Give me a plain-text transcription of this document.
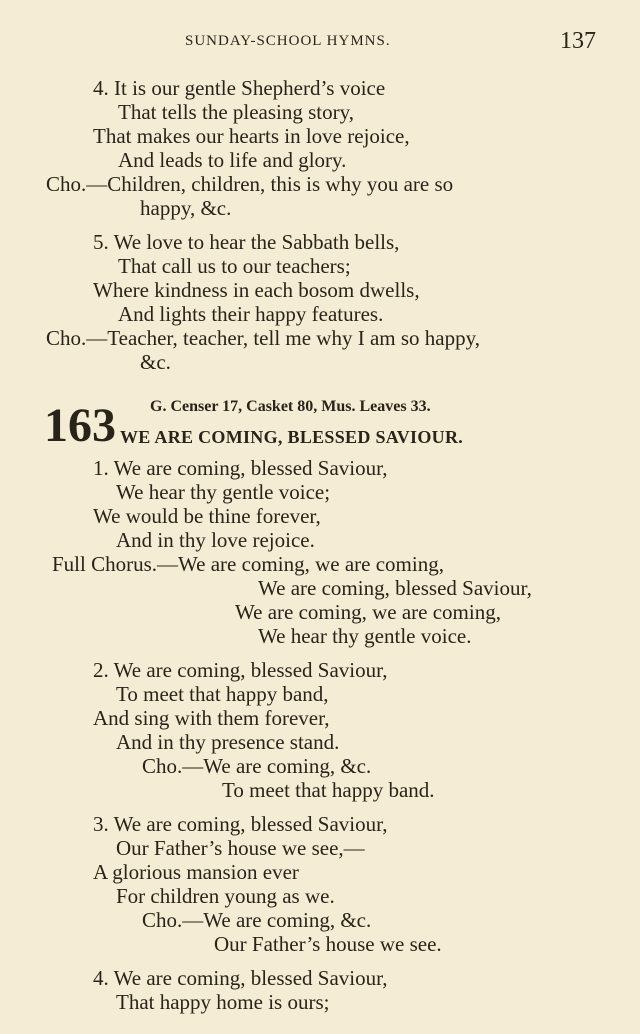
SUNDAY-SCHOOL HYMNS.	137
4. It is our gentle Shepherd’s voice
That tells the pleasing story,
That makes our hearts in love rejoice,
And leads to life and glory.
Cho.—Children, children, this is why you are so
happy, &c.
5. We love to hear the Sabbath bells,
That call us to our teachers;
Where kindness in each bosom dwells,
And lights their happy features.
Cho.—Teacher, teacher, tell me why I am so happy,
&c.
163 G. Censer 17, Casket 80, Mus. Leaves 33.
WE ARE COMING, BLESSED SAVIOUR.
1. We are coming, blessed Saviour,
We hear thy gentle voice;
We would be thine forever,
And in thy love rejoice.
Full Chorus.—We are coming, we are coming,
We are coming, blessed Saviour,
We are coming, we are coming,
We hear thy gentle voice.
2. We are coming, blessed Saviour,
To meet that happy band,
And sing with them forever,
And in thy presence stand.
Cho.—We are coming, &c.
To meet that happy band.
3. We are coming, blessed Saviour,
Our Father’s house we see,—
A glorious mansion ever
For children young as we.
Cho.—We are coming, &c.
Our Father’s house we see.
4. We are coming, blessed Saviour,
That happy home is ours;
